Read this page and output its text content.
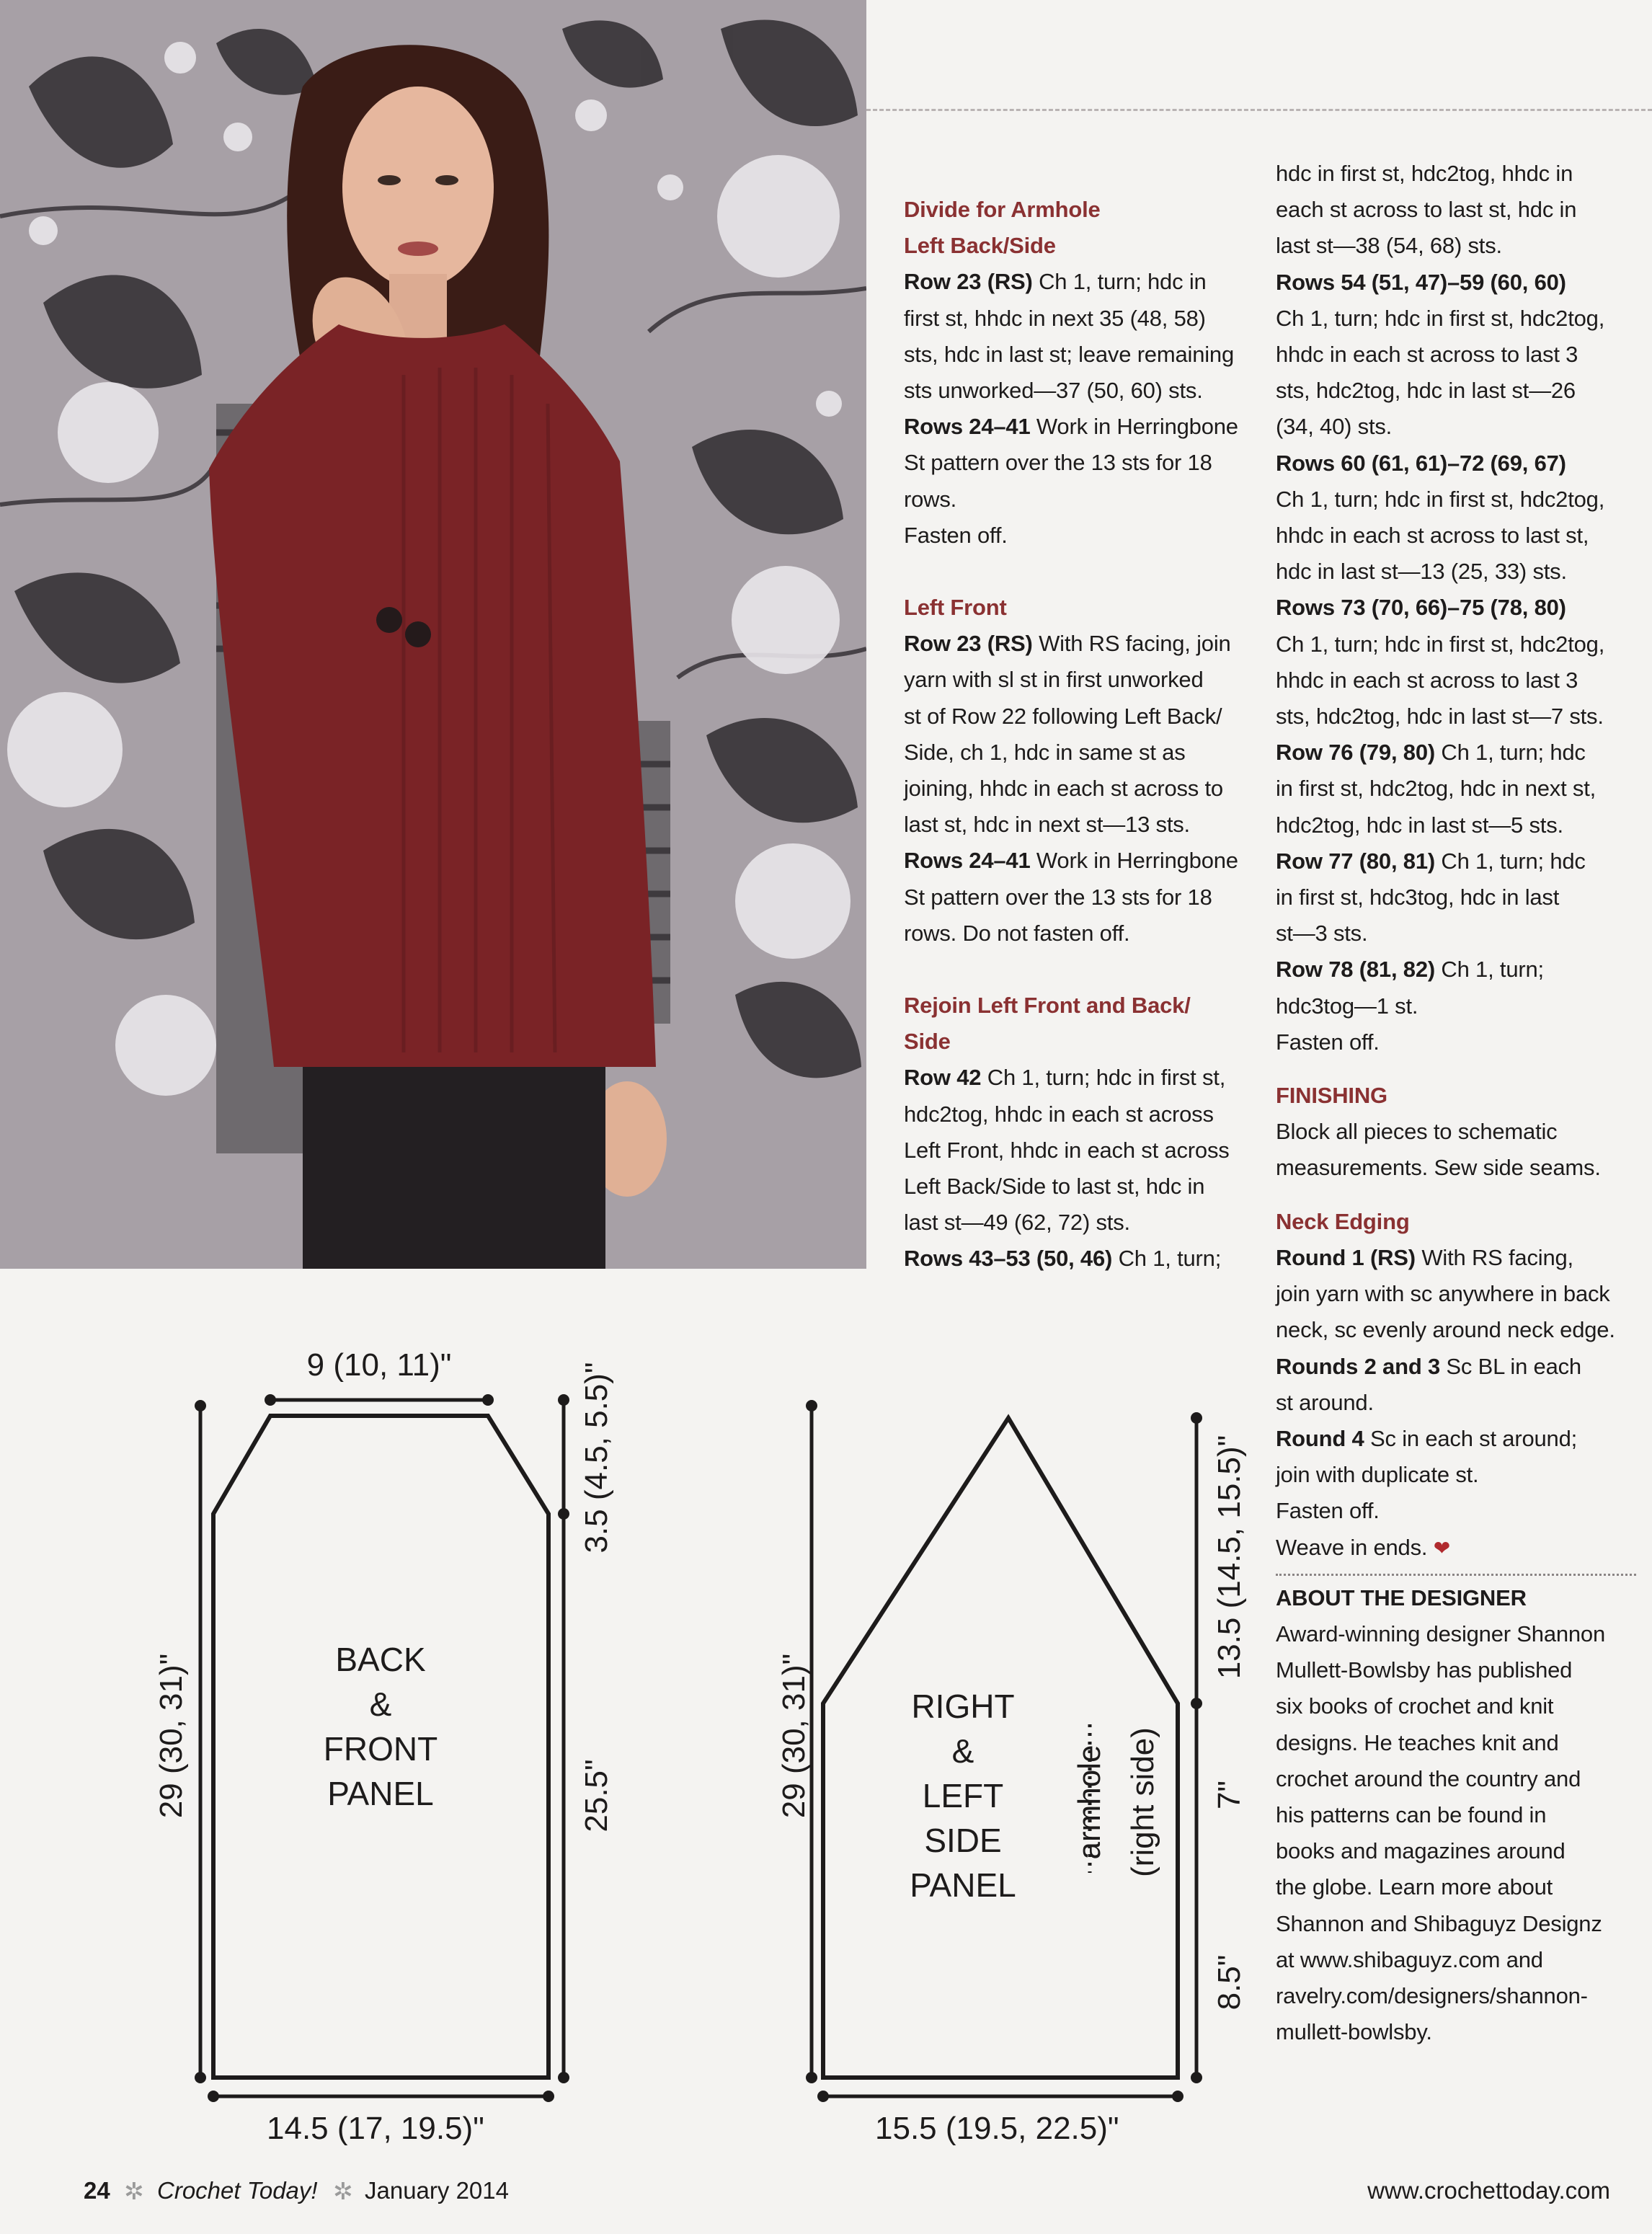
Divide for Armhole
Left Back/Side
Row 23 (RS) Ch 1, turn; hdc in
first st, hhdc in next 35 (48, 58)
sts, hdc in last st; leave remaining
sts unworked—37 (50, 60) sts.
Rows 24–41 Work in Herringbone
St pattern over the 13 sts for 18
rows.
Fasten off.
Left Front
Row 23 (RS) With RS facing, join
yarn with sl st in first unworked
st of Row 22 following Left Back/
Side, ch 1, hdc in same st as
joining, hhdc in each st across to
last st, hdc in next st—13 sts.
Rows 24–41 Work in Herringbone
St pattern over the 13 sts for 18
rows. Do not fasten off.
Rejoin Left Front and Back/
Side
Row 42 Ch 1, turn; hdc in first st,
hdc2tog, hhdc in each st across
Left Front, hhdc in each st across
Left Back/Side to last st, hdc in
last st—49 (62, 72) sts.
Rows 43–53 (50, 46) Ch 1, turn;
hdc in first st, hdc2tog, hhdc in
each st across to last st, hdc in
last st—38 (54, 68) sts.
Rows 54 (51, 47)–59 (60, 60)
Ch 1, turn; hdc in first st, hdc2tog,
hhdc in each st across to last 3
sts, hdc2tog, hdc in last st—26
(34, 40) sts.
Rows 60 (61, 61)–72 (69, 67)
Ch 1, turn; hdc in first st, hdc2tog,
hhdc in each st across to last st,
hdc in last st—13 (25, 33) sts.
Rows 73 (70, 66)–75 (78, 80)
Ch 1, turn; hdc in first st, hdc2tog,
hhdc in each st across to last 3
sts, hdc2tog, hdc in last st—7 sts.
Row 76 (79, 80) Ch 1, turn; hdc
in first st, hdc2tog, hdc in next st,
hdc2tog, hdc in last st—5 sts.
Row 77 (80, 81) Ch 1, turn; hdc
in first st, hdc3tog, hdc in last
st—3 sts.
Row 78 (81, 82) Ch 1, turn;
hdc3tog—1 st.
Fasten off.
FINISHING
Block all pieces to schematic
measurements. Sew side seams.
Neck Edging
Round 1 (RS) With RS facing,
join yarn with sc anywhere in back
neck, sc evenly around neck edge.
Rounds 2 and 3 Sc BL in each
st around.
Round 4 Sc in each st around;
join with duplicate st.
Fasten off.
Weave in ends. ❤
ABOUT THE DESIGNER
Award-winning designer Shannon
Mullett-Bowlsby has published
six books of crochet and knit
designs. He teaches knit and
crochet around the country and
his patterns can be found in
books and magazines around
the globe. Learn more about
Shannon and Shibaguyz Designz
at www.shibaguyz.com and
ravelry.com/designers/shannon-
mullett-bowlsby.
9 (10, 11)"	3.5 (4.5, 5.5)"
25.5"
29 (30, 31)"	BACK
&
FRONT
PANEL
14.5 (17, 19.5)"
RIGHT
&
LEFT
SIDE
PANEL
armhole (right side)
13.5 (14.5, 15.5)"
7"
8.5"
29 (30, 31)"
15.5 (19.5, 22.5)"
24 ✲ Crochet Today! ✲ January 2014	www.crochettoday.com
